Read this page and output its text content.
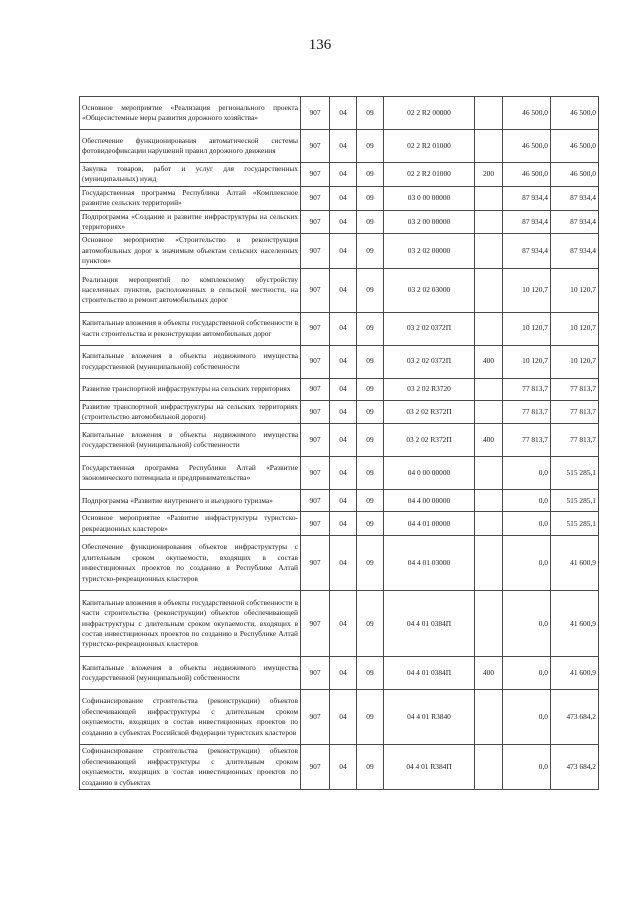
136
Основное мероприятие «Реализация регионального проекта «Общесистемные меры развития дорожного хозяйства»	907	04	09	02 2 R2 00000		46 500,0	46 500,0
Обеспечение функционирования автоматической системы фотовидеофиксации нарушений правил дорожного движения	907	04	09	02 2 R2 01000		46 500,0	46 500,0
Закупка товаров, работ и услуг для государственных (муниципальных) нужд	907	04	09	02 2 R2 01000	200	46 500,0	46 500,0
Государственная программа Республики Алтай «Комплексное развитие сельских территорий»	907	04	09	03 0 00 00000		87 934,4	87 934,4
Подпрограмма «Создание и развитие инфраструктуры на сельских территориях»	907	04	09	03 2 00 00000		87 934,4	87 934,4
Основное мероприятие «Строительство и реконструкция автомобильных дорог к значимым объектам сельских населенных пунктов»	907	04	09	03 2 02 00000		87 934,4	87 934,4
Реализация мероприятий по комплексному обустройству населенных пунктов, расположенных в сельской местности, на строительство и ремонт автомобильных дорог	907	04	09	03 2 02 03000		10 120,7	10 120,7
Капитальные вложения в объекты государственной собственности в части строительства и реконструкции автомобильных дорог	907	04	09	03 2 02 0372П		10 120,7	10 120,7
Капитальные вложения в объекты недвижимого имущества государственной (муниципальной) собственности	907	04	09	03 2 02 0372П	400	10 120,7	10 120,7
Развитие транспортной инфраструктуры на сельских территориях	907	04	09	03 2 02 R3720		77 813,7	77 813,7
Развитие транспортной инфраструктуры на сельских территориях (строительство автомобильной дороги)	907	04	09	03 2 02 R372П		77 813,7	77 813,7
Капитальные вложения в объекты недвижимого имущества государственной (муниципальной) собственности	907	04	09	03 2 02 R372П	400	77 813,7	77 813,7
Государственная программа Республики Алтай «Развитие экономического потенциала и предпринимательства»	907	04	09	04 0 00 00000		0,0	515 285,1
Подпрограмма «Развитие внутреннего и въездного туризма»	907	04	09	04 4 00 00000		0,0	515 285,1
Основное мероприятие «Развитие инфраструктуры туристско-рекреационных кластеров»	907	04	09	04 4 01 00000		0,0	515 285,1
Обеспечение функционирования объектов инфраструктуры с длительным сроком окупаемости, входящих в состав инвестиционных проектов по созданию в Республике Алтай туристско-рекреационных кластеров	907	04	09	04 4 01 03000		0,0	41 600,9
Капитальные вложения в объекты государственной собственности в части строительства (реконструкции) объектов обеспечивающей инфраструктуры с длительным сроком окупаемости, входящих в состав инвестиционных проектов по созданию в Республике Алтай туристско-рекреационных кластеров	907	04	09	04 4 01 0384П		0,0	41 600,9
Капитальные вложения в объекты недвижимого имущества государственной (муниципальной) собственности	907	04	09	04 4 01 0384П	400	0,0	41 600,9
Софинансирование строительства (реконструкции) объектов обеспечивающей инфраструктуры с длительным сроком окупаемости, входящих в состав инвестиционных проектов по созданию в субъектах Российской Федерации туристских кластеров	907	04	09	04 4 01 R3840		0,0	473 684,2
Софинансирование строительства (реконструкции) объектов обеспечивающей инфраструктуры с длительным сроком окупаемости, входящих в состав инвестиционных проектов по созданию в субъектах	907	04	09	04 4 01 R384П		0,0	473 684,2
